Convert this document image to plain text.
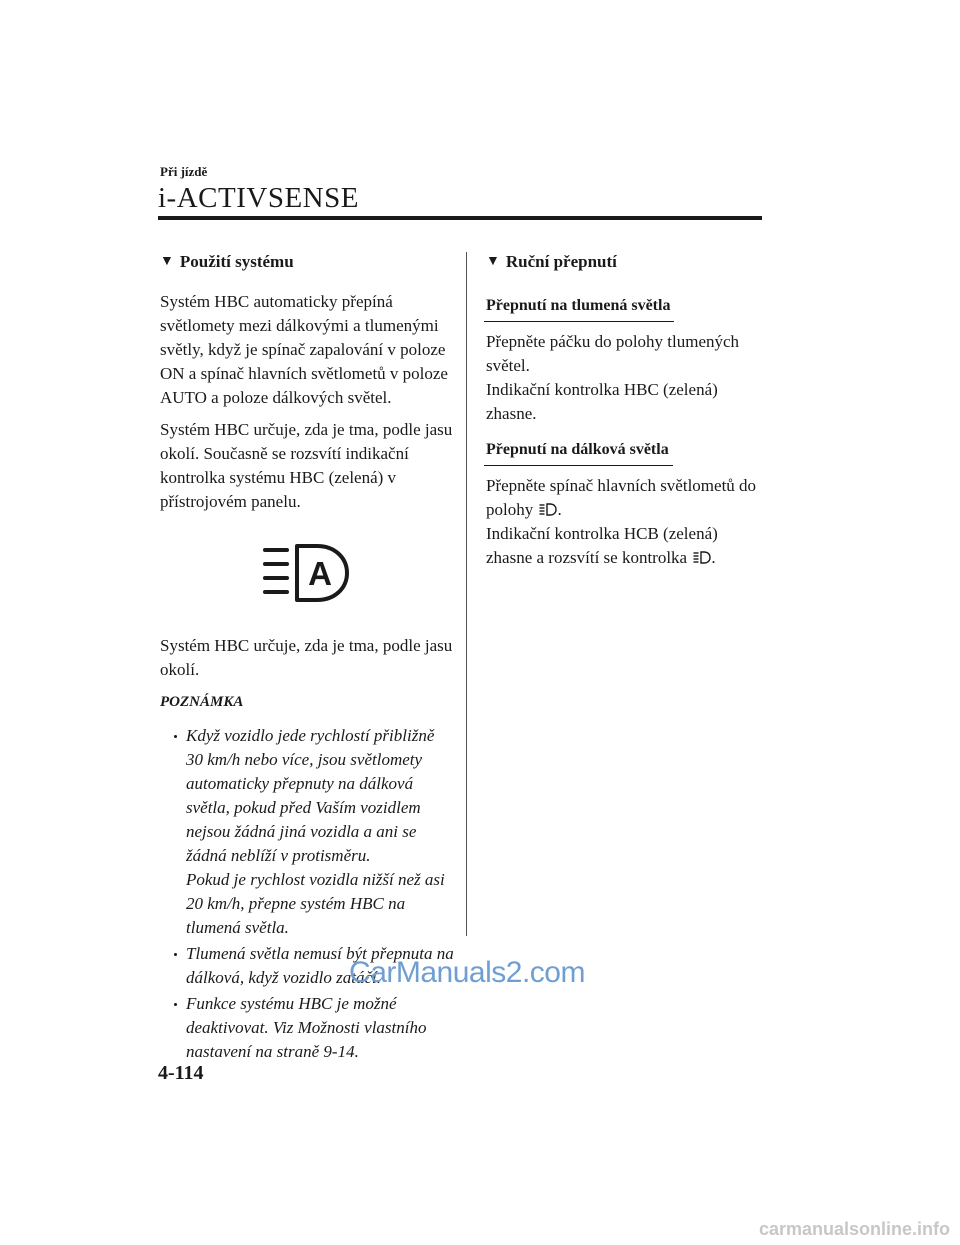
Při jízdě
i-ACTIVSENSE
▼ Použití systému

Systém HBC automaticky přepíná světlomety mezi dálkovými a tlumenými světly, když je spínač zapalování v poloze ON a spínač hlavních světlometů v poloze AUTO a poloze dálkových světel.

Systém HBC určuje, zda je tma, podle jasu okolí. Současně se rozsvítí indikační kontrolka systému HBC (zelená) v přístrojovém panelu.

A

Systém HBC určuje, zda je tma, podle jasu okolí.

POZNÁMKA
Když vozidlo jede rychlostí přibližně 30 km/h nebo více, jsou světlomety automaticky přepnuty na dálková světla, pokud před Vaším vozidlem nejsou žádná jiná vozidla a ani se žádná neblíží v protisměru.
Pokud je rychlost vozidla nižší než asi 20 km/h, přepne systém HBC na tlumená světla.
Tlumená světla nemusí být přepnuta na dálková, když vozidlo zatáčí.
Funkce systému HBC je možné deaktivovat. Viz Možnosti vlastního nastavení na straně 9-14.
▼ Ruční přepnutí
Přepnutí na tlumená světla

Přepněte páčku do polohy tlumených světel.

Indikační kontrolka HBC (zelená) zhasne.

Přepnutí na dálková světla

Přepněte spínač hlavních světlometů do polohy .

Indikační kontrolka HCB (zelená) zhasne a rozsvítí se kontrolka .

CarManuals2.com
4-114
carmanualsonline.info
